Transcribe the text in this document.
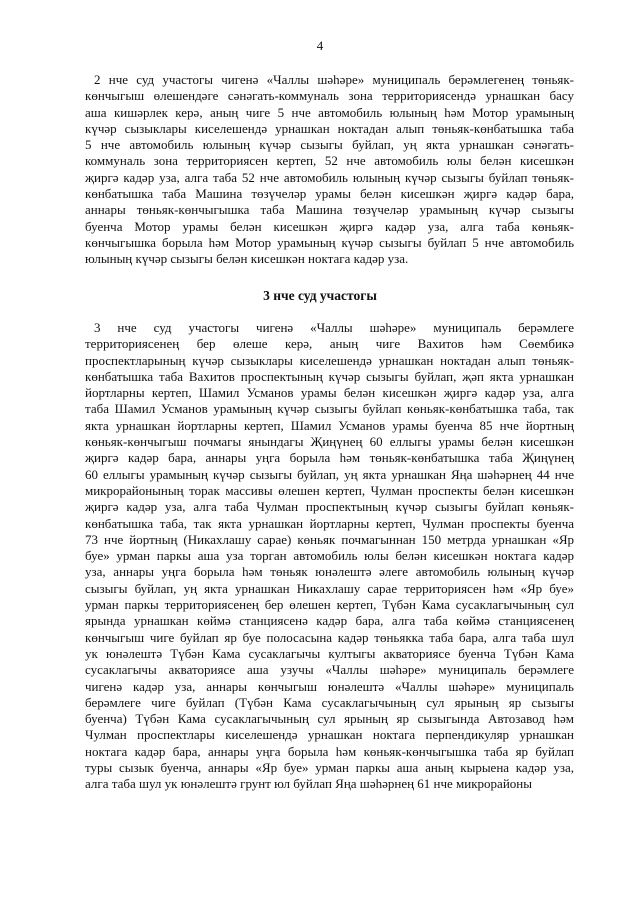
4
2 нче суд участогы чигенә «Чаллы шәһәре» муниципаль берәмлегенең төньяк-
көнчыгыш өлешендәге сәнәгать-коммуналь зона территориясендә урнашкан басу
аша кишәрлек керә, аның чиге 5 нче автомобиль юлының һәм Мотор урамының
күчәр сызыклары киселешендә урнашкан ноктадан алып төньяк-көнбатышка таба
5 нче автомобиль юлының күчәр сызыгы буйлап, уң якта урнашкан сәнәгать-
коммуналь зона территориясен кертеп, 52 нче автомобиль юлы белән кисешкән
җиргә кадәр уза, алга таба 52 нче автомобиль юлының күчәр сызыгы буйлап төньяк-
көнбатышка таба Машина төзүчеләр урамы белән кисешкән җиргә кадәр бара,
аннары төньяк-көнчыгышка таба Машина төзүчеләр урамының күчәр сызыгы
буенча Мотор урамы белән кисешкән җиргә кадәр уза, алга таба көньяк-
көнчыгышка борыла һәм Мотор урамының күчәр сызыгы буйлап 5 нче автомобиль
юлының күчәр сызыгы белән кисешкән ноктага кадәр уза.
3 нче суд участогы
3 нче суд участогы чигенә «Чаллы шәһәре» муниципаль берәмлеге
территориясенең бер өлеше керә, аның чиге Вахитов һәм Сөембикә
проспектларының күчәр сызыклары киселешендә урнашкан ноктадан алып төньяк-
көнбатышка таба Вахитов проспектының күчәр сызыгы буйлап, җәп якта урнашкан
йортларны кертеп, Шамил Усманов урамы белән кисешкән җиргә кадәр уза, алга
таба Шамил Усманов урамының күчәр сызыгы буйлап көньяк-көнбатышка таба, так
якта урнашкан йортларны кертеп, Шамил Усманов урамы буенча 85 нче йортның
көньяк-көнчыгыш почмагы янындагы Җиңүнең 60 еллыгы урамы белән кисешкән
җиргә кадәр бара, аннары уңга борыла һәм төньяк-көнбатышка таба Җиңүнең
60 еллыгы урамының күчәр сызыгы буйлап, уң якта урнашкан Яңа шәһәрнең 44 нче
микрорайонының торак массивы өлешен кертеп, Чулман проспекты белән кисешкән
җиргә кадәр уза, алга таба Чулман проспектының күчәр сызыгы буйлап көньяк-
көнбатышка таба, так якта урнашкан йортларны кертеп, Чулман проспекты буенча
73 нче йортның (Никахлашу сарае) көньяк почмагыннан 150 метрда урнашкан «Яр
буе» урман паркы аша уза торган автомобиль юлы белән кисешкән ноктага кадәр
уза, аннары уңга борыла һәм төньяк юнәлештә әлеге автомобиль юлының күчәр
сызыгы буйлап, уң якта урнашкан Никахлашу сарае территориясен һәм «Яр буе»
урман паркы территориясенең бер өлешен кертеп, Түбән Кама сусаклагычының сул
ярында урнашкан көймә станциясенә кадәр бара, алга таба көймә станциясенең
көнчыгыш чиге буйлап яр буе полосасына кадәр төньякка таба бара, алга таба шул
ук юнәлештә Түбән Кама сусаклагычы култыгы акваториясе буенча Түбән Кама
сусаклагычы акваториясе аша узучы «Чаллы шәһәре» муниципаль берәмлеге
чигенә кадәр уза, аннары көнчыгыш юнәлештә «Чаллы шәһәре» муниципаль
берәмлеге чиге буйлап (Түбән Кама сусаклагычының сул ярының яр сызыгы
буенча) Түбән Кама сусаклагычының сул ярының яр сызыгында Автозавод һәм
Чулман проспектлары киселешендә урнашкан ноктага перпендикуляр урнашкан
ноктага кадәр бара, аннары уңга борыла һәм көньяк-көнчыгышка таба яр буйлап
туры сызык буенча, аннары «Яр буе» урман паркы аша аның кырыена кадәр уза,
алга таба шул ук юнәлештә грунт юл буйлап Яңа шәһәрнең 61 нче микрорайоны
